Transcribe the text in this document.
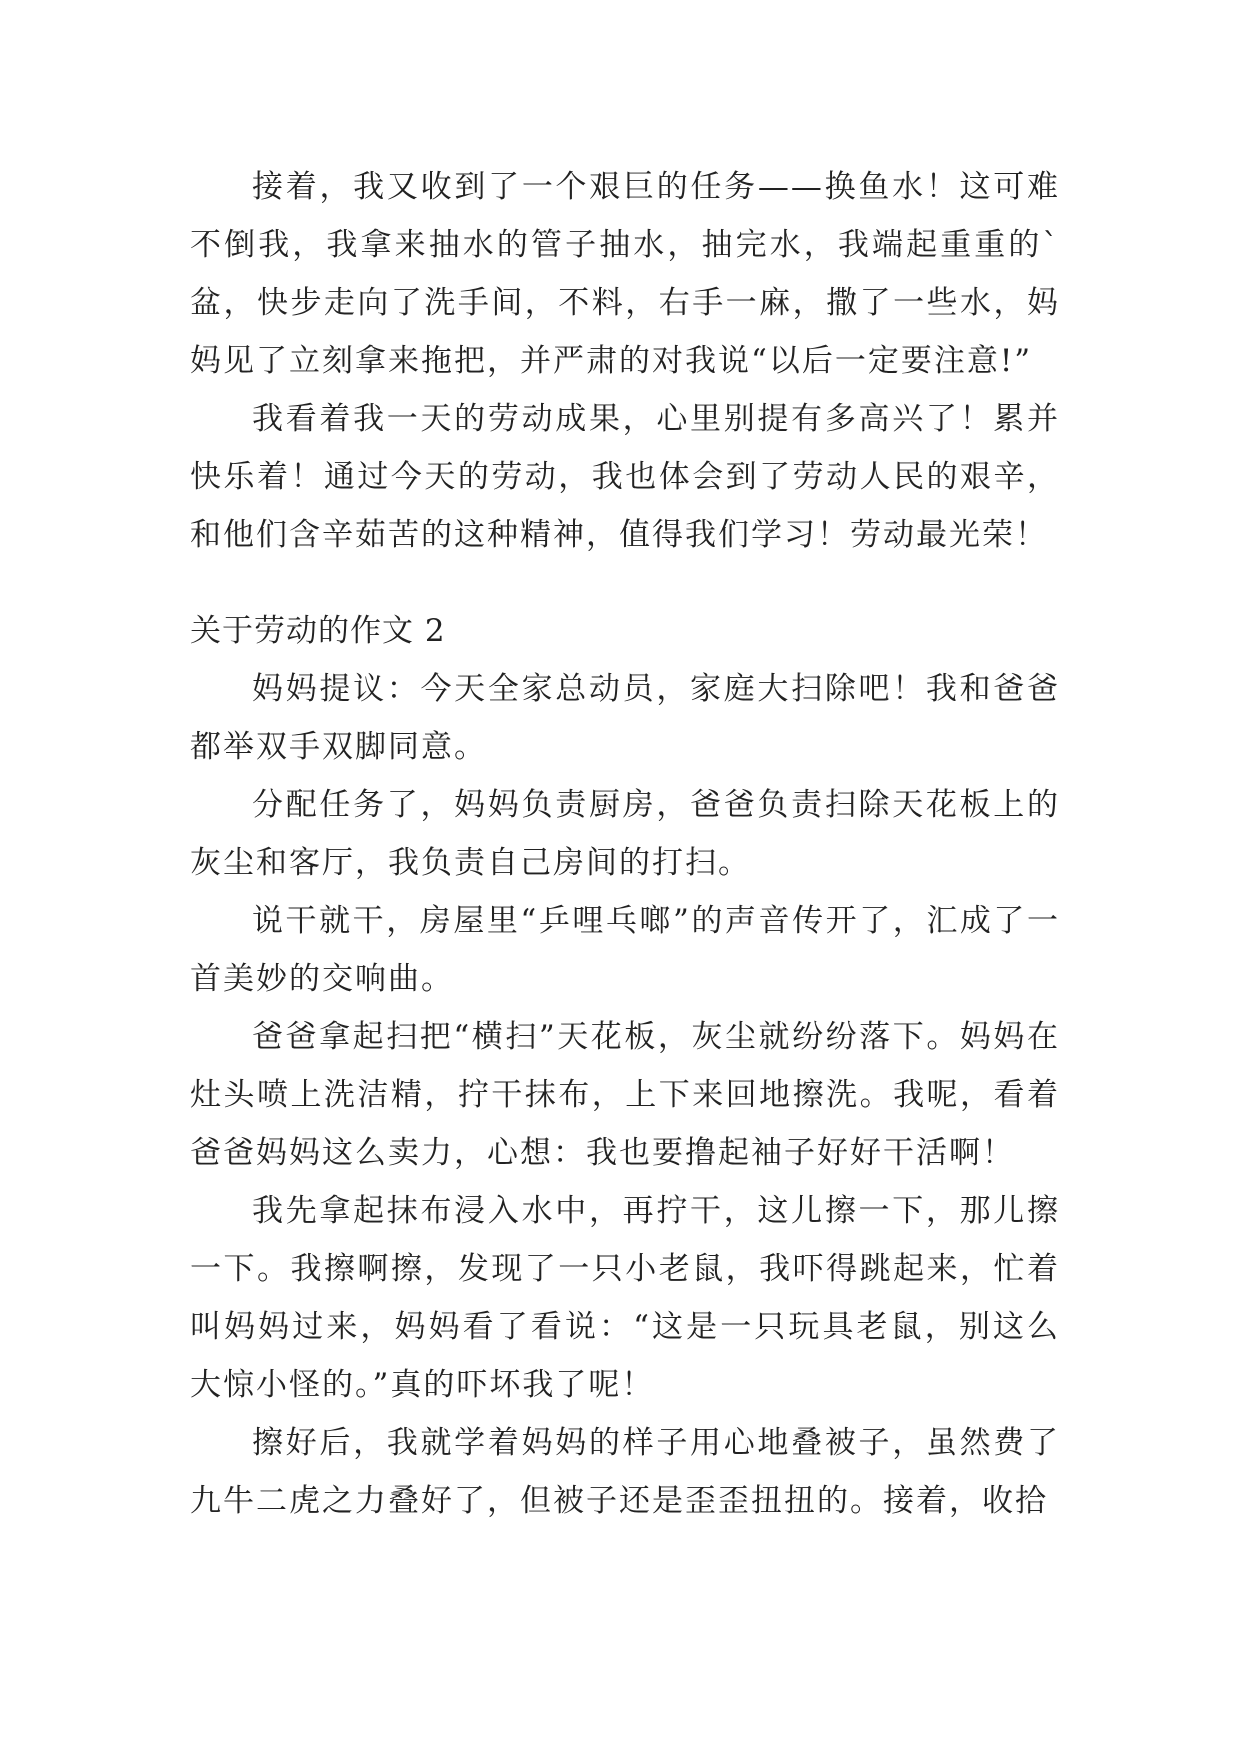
接着，我又收到了一个艰巨的任务——换鱼水！这可难不倒我，我拿来抽水的管子抽水，抽完水，我端起重重的`盆，快步走向了洗手间，不料，右手一麻，撒了一些水，妈妈见了立刻拿来拖把，并严肃的对我说“以后一定要注意!”

我看着我一天的劳动成果，心里别提有多高兴了！累并快乐着！通过今天的劳动，我也体会到了劳动人民的艰辛，和他们含辛茹苦的这种精神，值得我们学习！劳动最光荣！

关于劳动的作文 2

妈妈提议：今天全家总动员，家庭大扫除吧！我和爸爸都举双手双脚同意。

分配任务了，妈妈负责厨房，爸爸负责扫除天花板上的灰尘和客厅，我负责自己房间的打扫。

说干就干，房屋里“乒哩乓啷”的声音传开了，汇成了一首美妙的交响曲。

爸爸拿起扫把“横扫”天花板，灰尘就纷纷落下。妈妈在灶头喷上洗洁精，拧干抹布，上下来回地擦洗。我呢，看着爸爸妈妈这么卖力，心想：我也要撸起袖子好好干活啊！

我先拿起抹布浸入水中，再拧干，这儿擦一下，那儿擦一下。我擦啊擦，发现了一只小老鼠，我吓得跳起来，忙着叫妈妈过来，妈妈看了看说：“这是一只玩具老鼠，别这么大惊小怪的。”真的吓坏我了呢！

擦好后，我就学着妈妈的样子用心地叠被子，虽然费了九牛二虎之力叠好了，但被子还是歪歪扭扭的。接着，收拾
